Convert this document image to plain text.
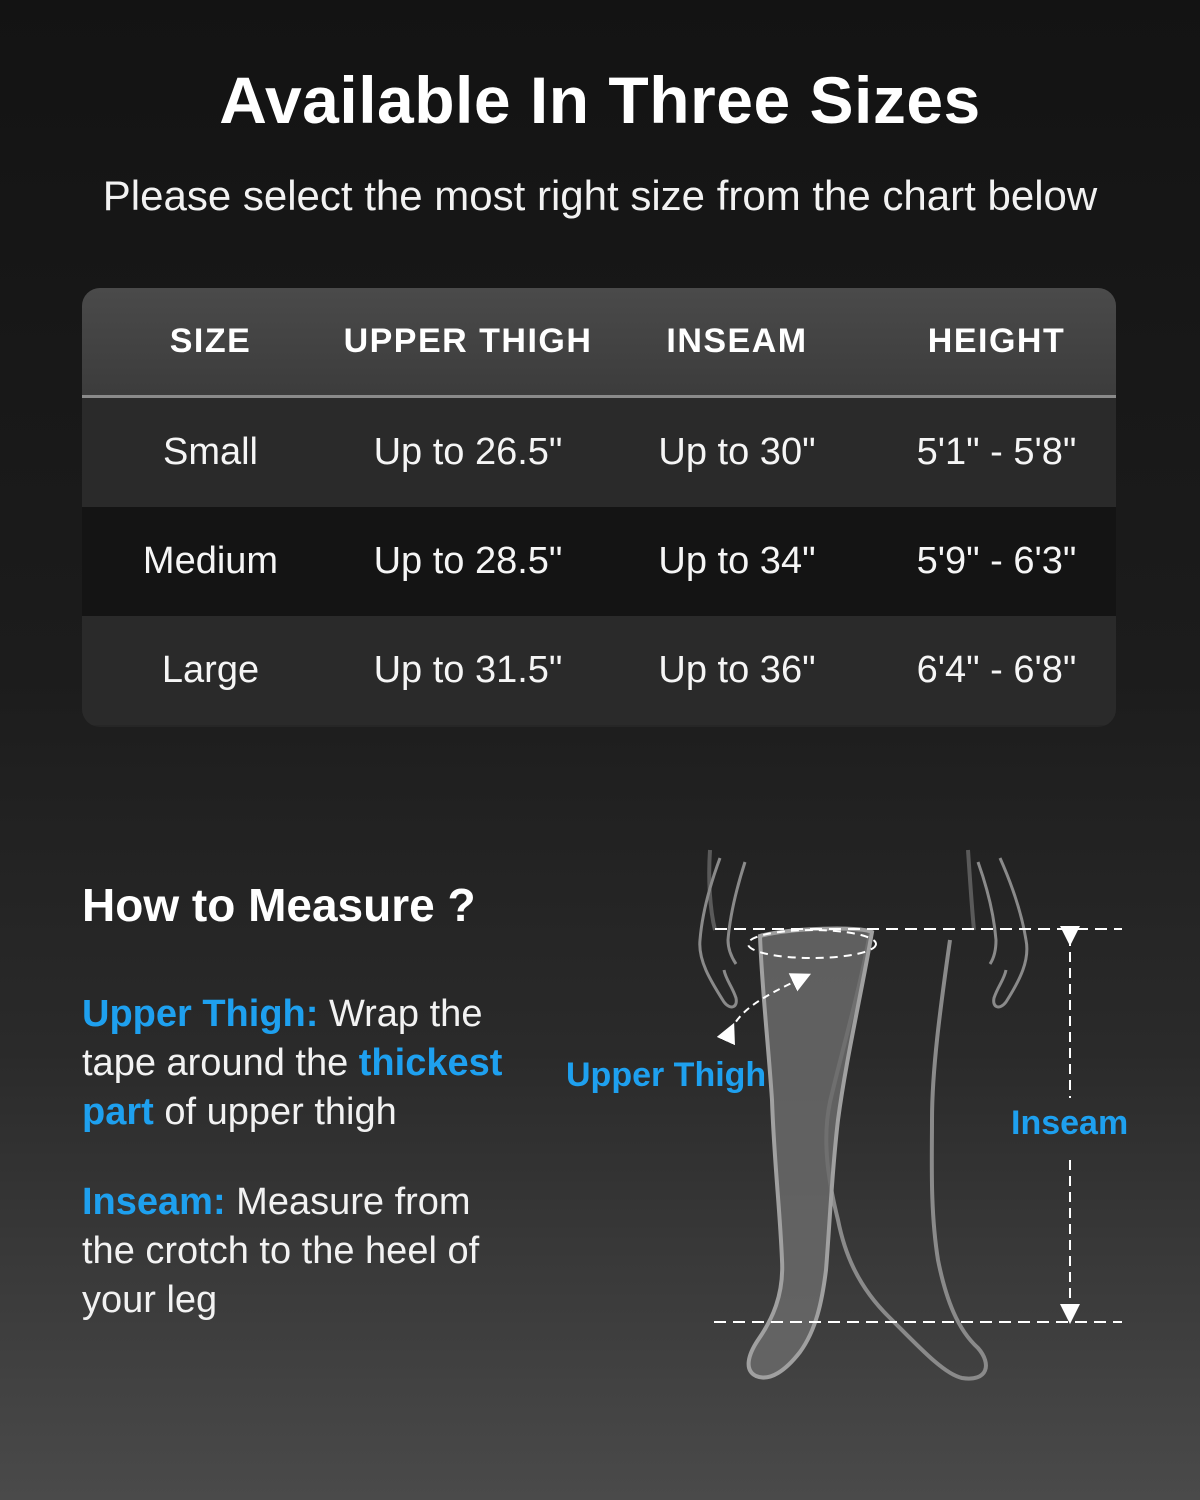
Available In Three Sizes

Please select the most right size from the chart below

SIZE	UPPER THIGH	INSEAM	HEIGHT
Small	Up to 26.5"	Up to 30"	5'1" - 5'8"
Medium	Up to 28.5"	Up to 34"	5'9" - 6'3"
Large	Up to 31.5"	Up to 36"	6'4" - 6'8"
How to Measure ?

Upper Thigh: Wrap the tape around the thickest part of upper thigh

Inseam: Measure from the crotch to the heel of your leg

Upper Thigh
Inseam
